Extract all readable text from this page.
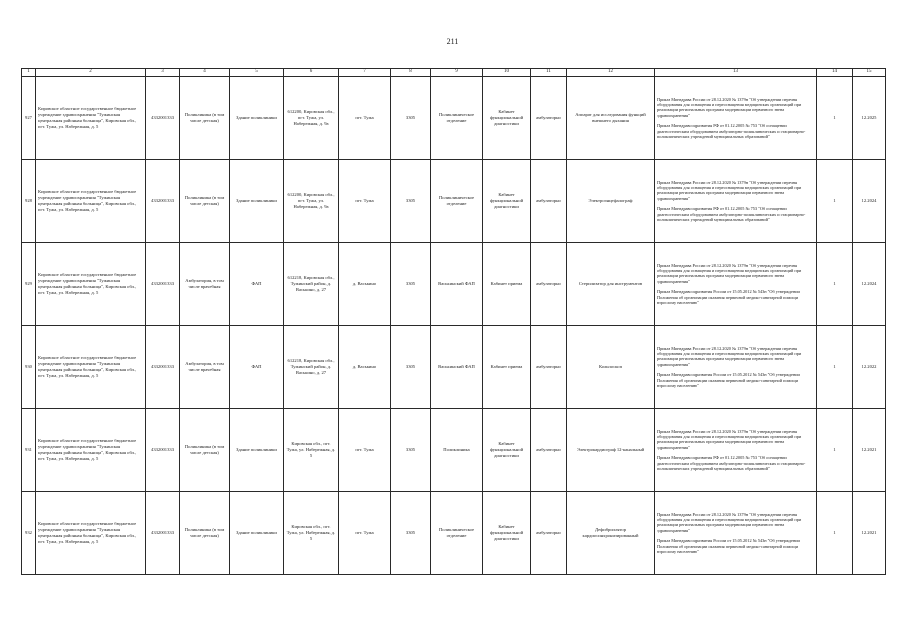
211
1	2	3	4	5	6	7	8	9	10	11	12	13	14	15
927	Кировское областное государственное бюджетное учреждение здравоохранения "Тужинская центральная районная больница", Кировская обл., пгт. Тужа, ул. Набережная, д. 5	4332001333	Поликлиника (в том числе детская)	Здание поликлиники	612200, Кировская обл., пгт. Тужа, ул. Набережная, д. 9а	пгт. Тужа	3305	Поликлиническое отделение	Кабинет функциональной диагностики	амбулаторно	Аппарат для исследования функций внешнего дыхания	Приказ Минздрава России от 28.12.2020 № 1379н "Об утверждении перечня оборудования для оснащения и переоснащения медицинских организаций при реализации региональных программ модернизации первичного звена здравоохранения"
Приказ Минздравсоцразвития РФ от 01.12.2005 № 753 "Об оснащении диагностическим оборудованием амбулаторно-поликлинических и стационарно-поликлинических учреждений муниципальных образований"	1	12.2025
928	Кировское областное государственное бюджетное учреждение здравоохранения "Тужинская центральная районная больница", Кировская обл., пгт. Тужа, ул. Набережная, д. 5	4332001333	Поликлиника (в том числе детская)	Здание поликлиники	612200, Кировская обл., пгт. Тужа, ул. Набережная, д. 9а	пгт. Тужа	3305	Поликлиническое отделение	Кабинет функциональной диагностики	амбулаторно	Электроэнцефалограф	Приказ Минздрава России от 28.12.2020 № 1379н "Об утверждении перечня оборудования для оснащения и переоснащения медицинских организаций при реализации региональных программ модернизации первичного звена здравоохранения"
Приказ Минздравсоцразвития РФ от 01.12.2005 № 753 "Об оснащении диагностическим оборудованием амбулаторно-поликлинических и стационарно-поликлинических учреждений муниципальных образований"	1	12.2024
929	Кировское областное государственное бюджетное учреждение здравоохранения "Тужинская центральная районная больница", Кировская обл., пгт. Тужа, ул. Набережная, д. 5	4332001333	Амбулатория, в том числе врачебная	ФАП	612218, Кировская обл., Тужинский район, д. Васькино, д. 27	д. Васькино	3305	Васькинский ФАП	Кабинет приема	амбулаторно	Стерилизатор для инструментов	Приказ Минздрава России от 28.12.2020 № 1379н "Об утверждении перечня оборудования для оснащения и переоснащения медицинских организаций при реализации региональных программ модернизации первичного звена здравоохранения"
Приказ Минздравсоцразвития России от 15.05.2012 № 543н "Об утверждении Положения об организации оказания первичной медико-санитарной помощи взрослому населению"	1	12.2024
930	Кировское областное государственное бюджетное учреждение здравоохранения "Тужинская центральная районная больница", Кировская обл., пгт. Тужа, ул. Набережная, д. 5	4332001333	Амбулатория, в том числе врачебная	ФАП	612218, Кировская обл., Тужинский район, д. Васькино, д. 27	д. Васькино	3305	Васькинский ФАП	Кабинет приема	амбулаторно	Кольпоскоп	Приказ Минздрава России от 28.12.2020 № 1379н "Об утверждении перечня оборудования для оснащения и переоснащения медицинских организаций при реализации региональных программ модернизации первичного звена здравоохранения"
Приказ Минздравсоцразвития России от 15.05.2012 № 543н "Об утверждении Положения об организации оказания первичной медико-санитарной помощи взрослому населению"	1	12.2022
931	Кировское областное государственное бюджетное учреждение здравоохранения "Тужинская центральная районная больница", Кировская обл., пгт. Тужа, ул. Набережная, д. 5	4332001333	Поликлиника (в том числе детская)	Здание поликлиники	Кировская обл., пгт. Тужа, ул. Набережная, д. 5	пгт. Тужа	3305	Поликлиника	Кабинет функциональной диагностики	амбулаторно	Электрокардиограф 12-канальный	Приказ Минздрава России от 28.12.2020 № 1379н "Об утверждении перечня оборудования для оснащения и переоснащения медицинских организаций при реализации региональных программ модернизации первичного звена здравоохранения"
Приказ Минздравсоцразвития РФ от 01.12.2005 № 753 "Об оснащении диагностическим оборудованием амбулаторно-поликлинических и стационарно-поликлинических учреждений муниципальных образований"	1	12.2021
932	Кировское областное государственное бюджетное учреждение здравоохранения "Тужинская центральная районная больница", Кировская обл., пгт. Тужа, ул. Набережная, д. 5	4332001333	Поликлиника (в том числе детская)	Здание поликлиники	Кировская обл., пгт. Тужа, ул. Набережная, д. 5	пгт. Тужа	3305	Поликлиническое отделение	Кабинет функциональной диагностики	амбулаторно	Дефибриллятор кардиосинхронизированный	Приказ Минздрава России от 28.12.2020 № 1379н "Об утверждении перечня оборудования для оснащения и переоснащения медицинских организаций при реализации региональных программ модернизации первичного звена здравоохранения"
Приказ Минздравсоцразвития России от 15.05.2012 № 543н "Об утверждении Положения об организации оказания первичной медико-санитарной помощи взрослому населению"	1	12.2021
